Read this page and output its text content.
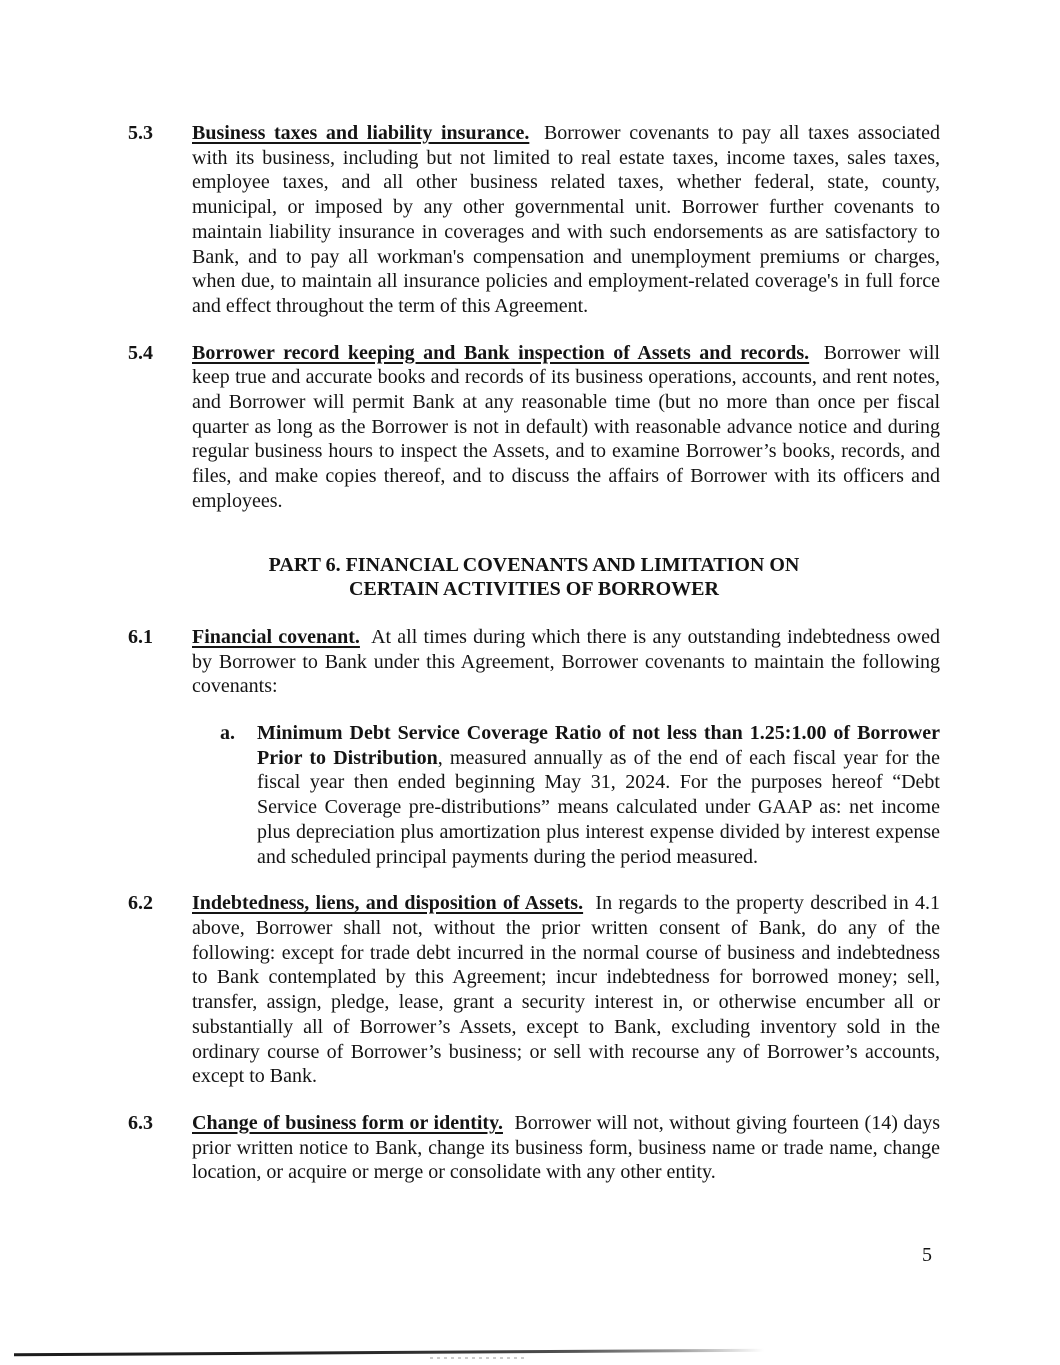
5.3	Business taxes and liability insurance. Borrower covenants to pay all taxes associated with its business, including but not limited to real estate taxes, income taxes, sales taxes, employee taxes, and all other business related taxes, whether federal, state, county, municipal, or imposed by any other governmental unit. Borrower further covenants to maintain liability insurance in coverages and with such endorsements as are satisfactory to Bank, and to pay all workman's compensation and unemployment premiums or charges, when due, to maintain all insurance policies and employment-related coverage's in full force and effect throughout the term of this Agreement.

5.4	Borrower record keeping and Bank inspection of Assets and records. Borrower will keep true and accurate books and records of its business operations, accounts, and rent notes, and Borrower will permit Bank at any reasonable time (but no more than once per fiscal quarter as long as the Borrower is not in default) with reasonable advance notice and during regular business hours to inspect the Assets, and to examine Borrower’s books, records, and files, and make copies thereof, and to discuss the affairs of Borrower with its officers and employees.

PART 6. FINANCIAL COVENANTS AND LIMITATION ON
CERTAIN ACTIVITIES OF BORROWER
6.1	Financial covenant. At all times during which there is any outstanding indebtedness owed by Borrower to Bank under this Agreement, Borrower covenants to maintain the following covenants:

a.	Minimum Debt Service Coverage Ratio of not less than 1.25:1.00 of Borrower Prior to Distribution, measured annually as of the end of each fiscal year for the fiscal year then ended beginning May 31, 2024. For the purposes hereof “Debt Service Coverage pre-distributions” means calculated under GAAP as: net income plus depreciation plus amortization plus interest expense divided by interest expense and scheduled principal payments during the period measured.

6.2	Indebtedness, liens, and disposition of Assets. In regards to the property described in 4.1 above, Borrower shall not, without the prior written consent of Bank, do any of the following: except for trade debt incurred in the normal course of business and indebtedness to Bank contemplated by this Agreement; incur indebtedness for borrowed money; sell, transfer, assign, pledge, lease, grant a security interest in, or otherwise encumber all or substantially all of Borrower’s Assets, except to Bank, excluding inventory sold in the ordinary course of Borrower’s business; or sell with recourse any of Borrower’s accounts, except to Bank.

6.3	Change of business form or identity. Borrower will not, without giving fourteen (14) days prior written notice to Bank, change its business form, business name or trade name, change location, or acquire or merge or consolidate with any other entity.

5
